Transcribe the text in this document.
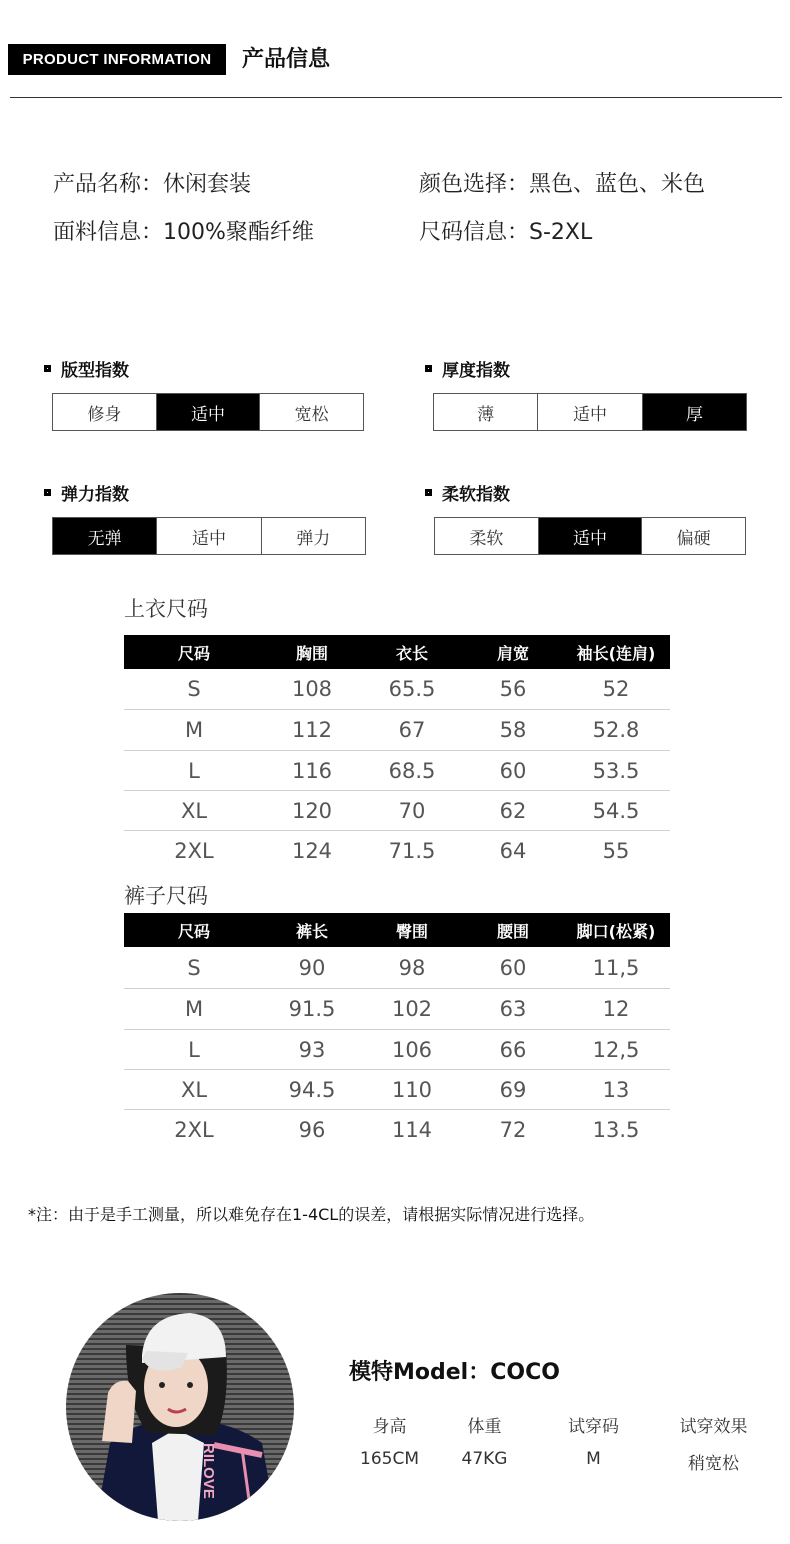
PRODUCT INFORMATION	产品信息
产品名称：休闲套装	颜色选择：黑色、蓝色、米色
面料信息：100%聚酯纤维	尺码信息：S-2XL
版型指数
修身	适中	宽松
厚度指数
薄	适中	厚
弹力指数
无弹	适中	弹力
柔软指数
柔软	适中	偏硬
上衣尺码
尺码	胸围	衣长	肩宽	袖长(连肩)
S	108	65.5	56	52
M	112	67	58	52.8
L	116	68.5	60	53.5
XL	120	70	62	54.5
2XL	124	71.5	64	55
裤子尺码
尺码	裤长	臀围	腰围	脚口(松紧)
S	90	98	60	11,5
M	91.5	102	63	12
L	93	106	66	12,5
XL	94.5	110	69	13
2XL	96	114	72	13.5
*注：由于是手工测量，所以难免存在1-4CL的误差，请根据实际情况进行选择。
RILOVE
模特Model：COCO
身高	体重	试穿码	试穿效果
165CM	47KG	M	稍宽松
